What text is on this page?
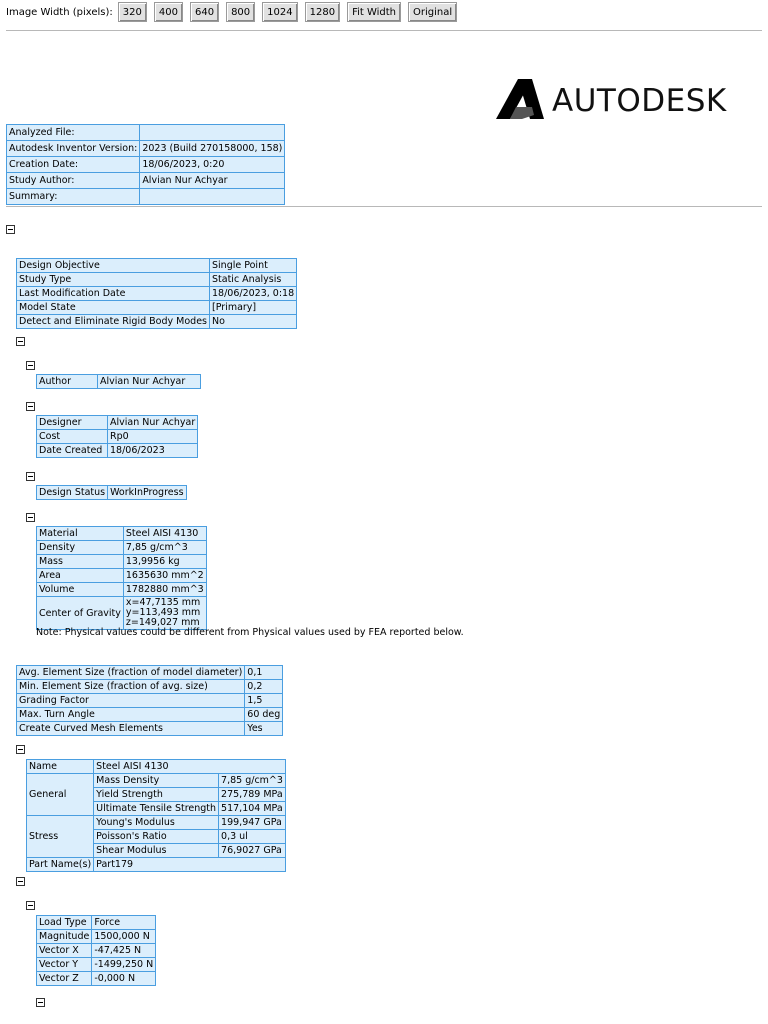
Image Width (pixels):	320	400	640	800	1024	1280	Fit Width	Original
AUTODESK
Analyzed File:	
Autodesk Inventor Version:	2023 (Build 270158000, 158)
Creation Date:	18/06/2023, 0:20
Study Author:	Alvian Nur Achyar
Summary:	
Design Objective	Single Point
Study Type	Static Analysis
Last Modification Date	18/06/2023, 0:18
Model State	[Primary]
Detect and Eliminate Rigid Body Modes	No
Author	Alvian Nur Achyar
Designer	Alvian Nur Achyar
Cost	Rp0
Date Created	18/06/2023
Design Status	WorkInProgress
Material	Steel AISI 4130
Density	7,85 g/cm^3
Mass	13,9956 kg
Area	1635630 mm^2
Volume	1782880 mm^3
Center of Gravity	x=47,7135 mm
y=113,493 mm
z=149,027 mm
Note: Physical values could be different from Physical values used by FEA reported below.
Avg. Element Size (fraction of model diameter)	0,1
Min. Element Size (fraction of avg. size)	0,2
Grading Factor	1,5
Max. Turn Angle	60 deg
Create Curved Mesh Elements	Yes
Name	Steel AISI 4130	
General	Mass Density	7,85 g/cm^3
	Yield Strength	275,789 MPa
	Ultimate Tensile Strength	517,104 MPa
Stress	Young's Modulus	199,947 GPa
	Poisson's Ratio	0,3 ul
	Shear Modulus	76,9027 GPa
Part Name(s)	Part179	
Load Type	Force
Magnitude	1500,000 N
Vector X	-47,425 N
Vector Y	-1499,250 N
Vector Z	-0,000 N
